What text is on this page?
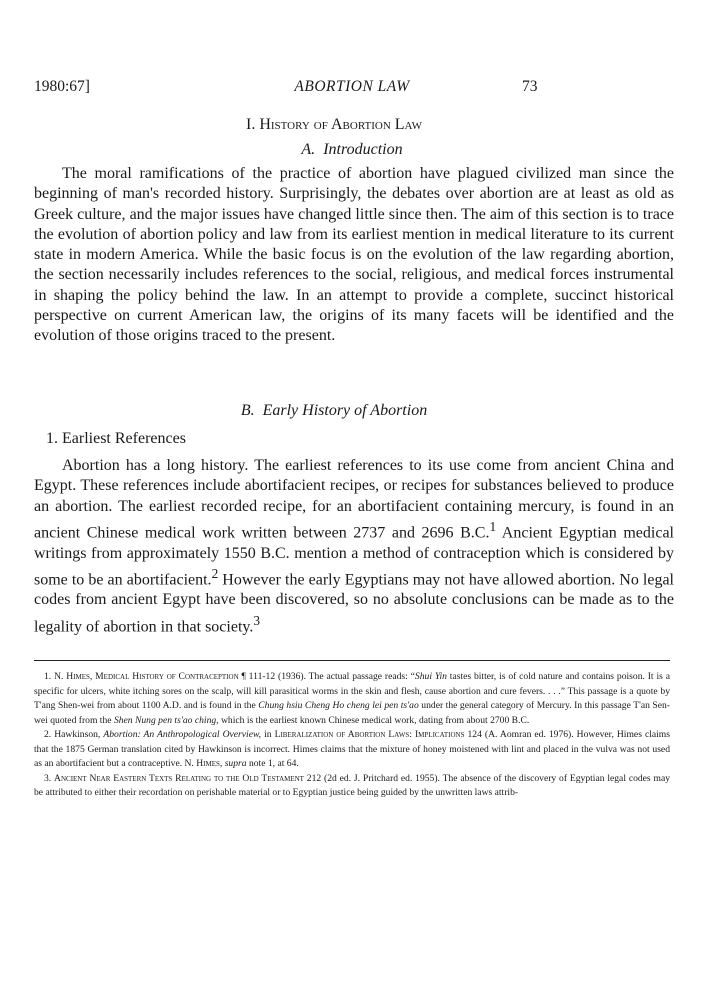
1980:67]	ABORTION LAW	73
I. History of Abortion Law
A. Introduction

The moral ramifications of the practice of abortion have plagued civilized man since the beginning of man's recorded history. Surprisingly, the debates over abortion are at least as old as Greek culture, and the major issues have changed little since then. The aim of this section is to trace the evolution of abortion policy and law from its earliest mention in medical literature to its current state in modern America. While the basic focus is on the evolution of the law regarding abortion, the section necessarily includes references to the social, religious, and medical forces instrumental in shaping the policy behind the law. In an attempt to provide a complete, succinct historical perspective on current American law, the origins of its many facets will be identified and the evolution of those origins traced to the present.

B. Early History of Abortion

1. Earliest References

Abortion has a long history. The earliest references to its use come from ancient China and Egypt. These references include abortifacient recipes, or recipes for substances believed to produce an abortion. The earliest recorded recipe, for an abortifacient containing mercury, is found in an ancient Chinese medical work written between 2737 and 2696 B.C.$^1$ Ancient Egyptian medical writings from approximately 1550 B.C. mention a method of contraception which is considered by some to be an abortifacient.$^2$ However the early Egyptians may not have allowed abortion. No legal codes from ancient Egypt have been discovered, so no absolute conclusions can be made as to the legality of abortion in that society.$^3$

1. N. Himes, Medical History of Contraception ¶ 111-12 (1936). The actual passage reads: “Shui Yin tastes bitter, is of cold nature and contains poison. It is a specific for ulcers, white itching sores on the scalp, will kill parasitical worms in the skin and flesh, cause abortion and cure fevers. . . .” This passage is a quote by T'ang Shen-wei from about 1100 A.D. and is found in the Chung hsiu Cheng Ho cheng lei pen ts'ao under the general category of Mercury. In this passage T'an Sen-wei quoted from the Shen Nung pen ts'ao ching, which is the earliest known Chinese medical work, dating from about 2700 B.C.

2. Hawkinson, Abortion: An Anthropological Overview, in Liberalization of Abortion Laws: Implications 124 (A. Aomran ed. 1976). However, Himes claims that the 1875 German translation cited by Hawkinson is incorrect. Himes claims that the mixture of honey moistened with lint and placed in the vulva was not used as an abortifacient but a contraceptive. N. Himes, supra note 1, at 64.

3. Ancient Near Eastern Texts Relating to the Old Testament 212 (2d ed. J. Pritchard ed. 1955). The absence of the discovery of Egyptian legal codes may be attributed to either their recordation on perishable material or to Egyptian justice being guided by the unwritten laws attrib-
